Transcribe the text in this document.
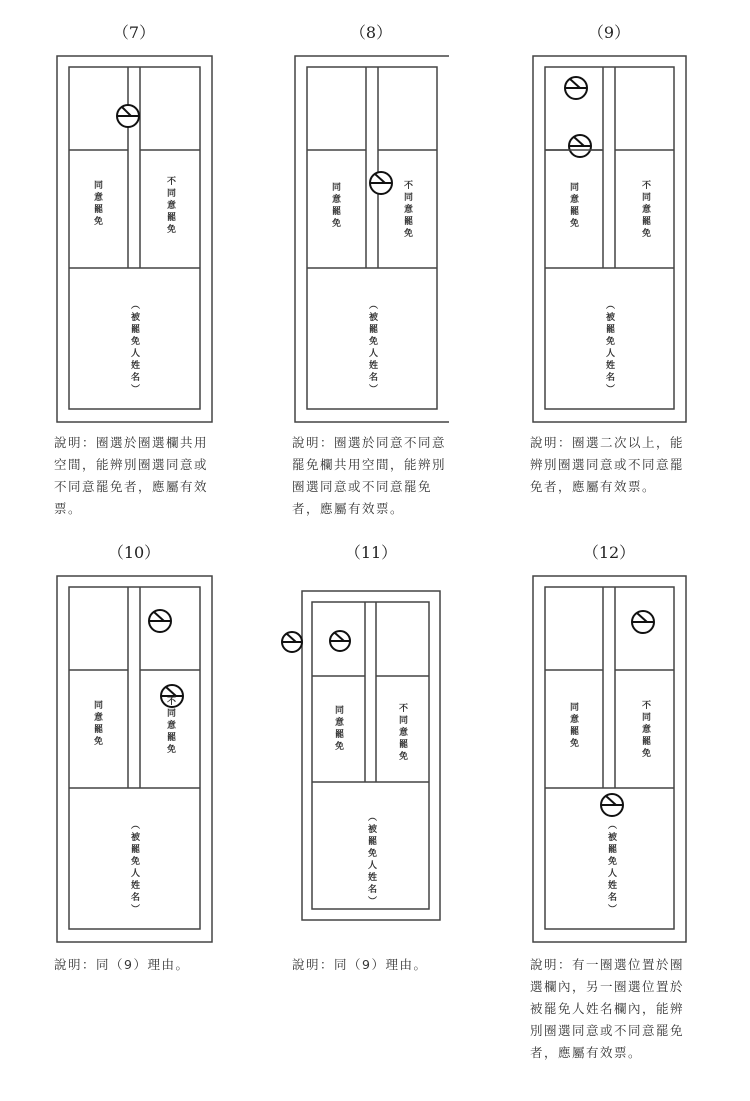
（7）
同意罷免	不同意罷免
（被罷免人姓名）
說明：圈選於圈選欄共用空間，能辨別圈選同意或不同意罷免者，應屬有效票。
（8）
同意罷免	不同意罷免
（被罷免人姓名）
說明：圈選於同意不同意罷免欄共用空間，能辨別圈選同意或不同意罷免者，應屬有效票。
（9）
同意罷免	不同意罷免
（被罷免人姓名）
說明：圈選二次以上，能辨別圈選同意或不同意罷免者，應屬有效票。
（10）
同意罷免	不同意罷免
（被罷免人姓名）
說明：同（9）理由。
（11）
同意罷免	不同意罷免
（被罷免人姓名）
說明：同（9）理由。
（12）
同意罷免	不同意罷免
（被罷免人姓名）
說明：有一圈選位置於圈選欄內，另一圈選位置於被罷免人姓名欄內，能辨別圈選同意或不同意罷免者，應屬有效票。
